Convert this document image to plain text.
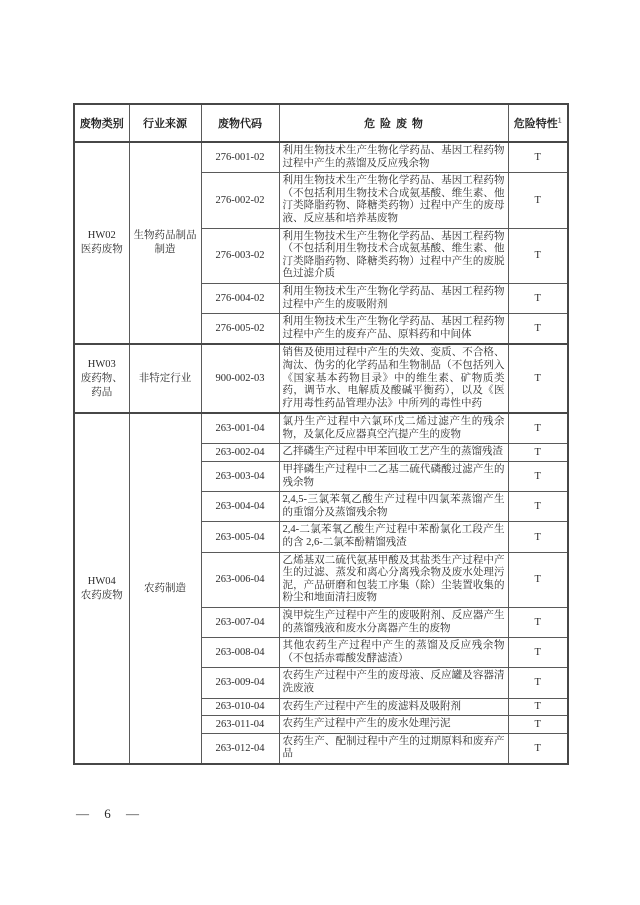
废物类别	行业来源	废物代码	危险废物	危险特性$^1$

HW02
医药废物	生物药品制品制造	276-001-02	利用生物技术生产生物化学药品、基因工程药物过程中产生的蒸馏及反应残余物	T
		276-002-02	利用生物技术生产生物化学药品、基因工程药物（不包括利用生物技术合成氨基酸、维生素、他汀类降脂药物、降糖类药物）过程中产生的废母液、反应基和培养基废物	T
		276-003-02	利用生物技术生产生物化学药品、基因工程药物（不包括利用生物技术合成氨基酸、维生素、他汀类降脂药物、降糖类药物）过程中产生的废脱色过滤介质	T
		276-004-02	利用生物技术生产生物化学药品、基因工程药物过程中产生的废吸附剂	T
		276-005-02	利用生物技术生产生物化学药品、基因工程药物过程中产生的废弃产品、原料药和中间体	T

HW03
废药物、药品	非特定行业	900-002-03	销售及使用过程中产生的失效、变质、不合格、淘汰、伪劣的化学药品和生物制品（不包括列入《国家基本药物目录》中的维生素、矿物质类药，调节水、电解质及酸碱平衡药），以及《医疗用毒性药品管理办法》中所列的毒性中药	T

HW04
农药废物	农药制造	263-001-04	氯丹生产过程中六氯环戊二烯过滤产生的残余物，及氯化反应器真空汽提产生的废物	T
		263-002-04	乙拌磷生产过程中甲苯回收工艺产生的蒸馏残渣	T
		263-003-04	甲拌磷生产过程中二乙基二硫代磷酸过滤产生的残余物	T
		263-004-04	2,4,5-三氯苯氧乙酸生产过程中四氯苯蒸馏产生的重馏分及蒸馏残余物	T
		263-005-04	2,4-二氯苯氧乙酸生产过程中苯酚氯化工段产生的含 2,6-二氯苯酚精馏残渣	T
		263-006-04	乙烯基双二硫代氨基甲酸及其盐类生产过程中产生的过滤、蒸发和离心分离残余物及废水处理污泥，产品研磨和包装工序集（除）尘装置收集的粉尘和地面清扫废物	T
		263-007-04	溴甲烷生产过程中产生的废吸附剂、反应器产生的蒸馏残液和废水分离器产生的废物	T
		263-008-04	其他农药生产过程中产生的蒸馏及反应残余物（不包括赤霉酸发酵滤渣）	T
		263-009-04	农药生产过程中产生的废母液、反应罐及容器清洗废液	T
		263-010-04	农药生产过程中产生的废滤料及吸附剂	T
		263-011-04	农药生产过程中产生的废水处理污泥	T
		263-012-04	农药生产、配制过程中产生的过期原料和废弃产品	T
— 6 —
